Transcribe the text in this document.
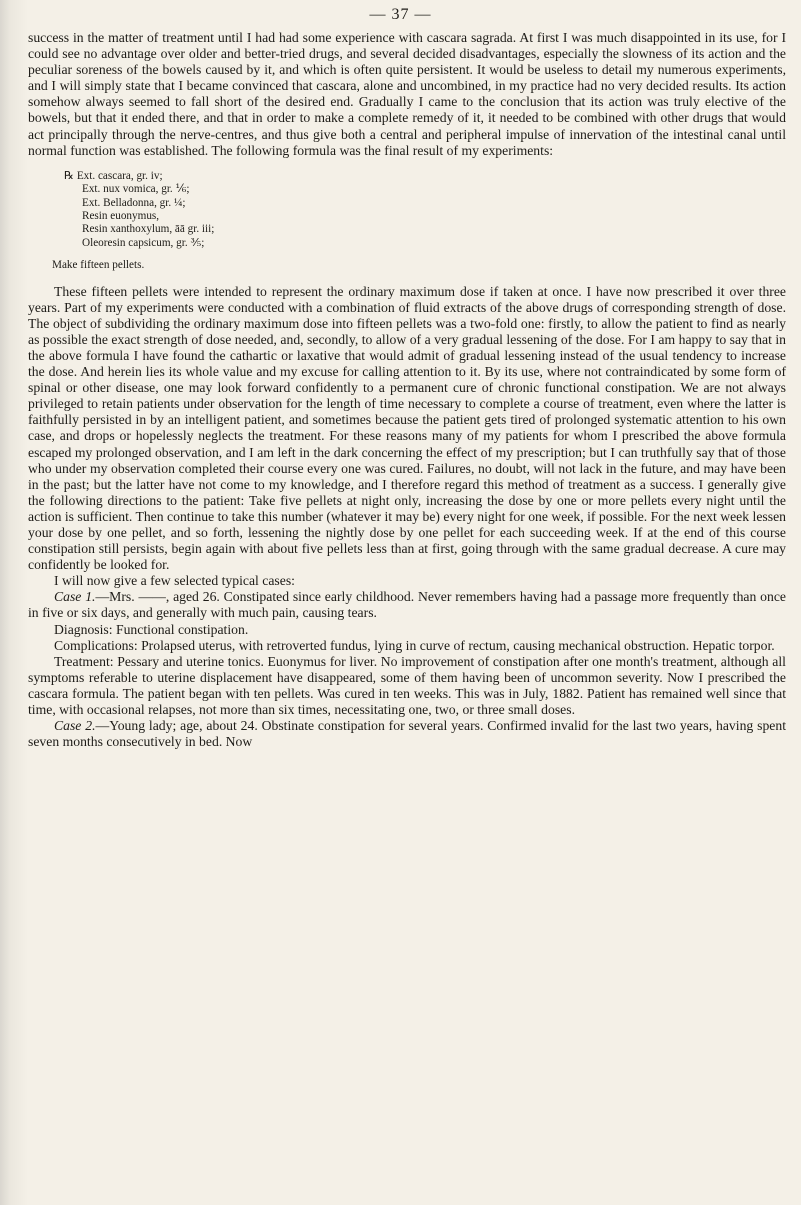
— 37 —

success in the matter of treatment until I had had some experience with cascara sagrada. At first I was much disappointed in its use, for I could see no advantage over older and better-tried drugs, and several decided disadvantages, especially the slowness of its action and the peculiar soreness of the bowels caused by it, and which is often quite persistent. It would be useless to detail my numerous experiments, and I will simply state that I became convinced that cascara, alone and uncombined, in my practice had no very decided results. Its action somehow always seemed to fall short of the desired end. Gradually I came to the conclusion that its action was truly elective of the bowels, but that it ended there, and that in order to make a complete remedy of it, it needed to be combined with other drugs that would act principally through the nerve-centres, and thus give both a central and peripheral impulse of innervation of the intestinal canal until normal function was established. The following formula was the final result of my experiments:

℞ Ext. cascara, gr. iv;
Ext. nux vomica, gr. ⅙;
Ext. Belladonna, gr. ¼;
Resin euonymus,
Resin xanthoxylum, āā gr. iii;
Oleoresin capsicum, gr. ⅗;
Make fifteen pellets.

These fifteen pellets were intended to represent the ordinary maximum dose if taken at once. I have now prescribed it over three years. Part of my experiments were conducted with a combination of fluid extracts of the above drugs of corresponding strength of dose. The object of subdividing the ordinary maximum dose into fifteen pellets was a two-fold one: firstly, to allow the patient to find as nearly as possible the exact strength of dose needed, and, secondly, to allow of a very gradual lessening of the dose. For I am happy to say that in the above formula I have found the cathartic or laxative that would admit of gradual lessening instead of the usual tendency to increase the dose. And herein lies its whole value and my excuse for calling attention to it. By its use, where not contraindicated by some form of spinal or other disease, one may look forward confidently to a permanent cure of chronic functional constipation. We are not always privileged to retain patients under observation for the length of time necessary to complete a course of treatment, even where the latter is faithfully persisted in by an intelligent patient, and sometimes because the patient gets tired of prolonged systematic attention to his own case, and drops or hopelessly neglects the treatment. For these reasons many of my patients for whom I prescribed the above formula escaped my prolonged observation, and I am left in the dark concerning the effect of my prescription; but I can truthfully say that of those who under my observation completed their course every one was cured. Failures, no doubt, will not lack in the future, and may have been in the past; but the latter have not come to my knowledge, and I therefore regard this method of treatment as a success. I generally give the following directions to the patient: Take five pellets at night only, increasing the dose by one or more pellets every night until the action is sufficient. Then continue to take this number (whatever it may be) every night for one week, if possible. For the next week lessen your dose by one pellet, and so forth, lessening the nightly dose by one pellet for each succeeding week. If at the end of this course constipation still persists, begin again with about five pellets less than at first, going through with the same gradual decrease. A cure may confidently be looked for.

I will now give a few selected typical cases:

Case 1.—Mrs. ——, aged 26. Constipated since early childhood. Never remembers having had a passage more frequently than once in five or six days, and generally with much pain, causing tears.

Diagnosis: Functional constipation.

Complications: Prolapsed uterus, with retroverted fundus, lying in curve of rectum, causing mechanical obstruction. Hepatic torpor.

Treatment: Pessary and uterine tonics. Euonymus for liver. No improvement of constipation after one month's treatment, although all symptoms referable to uterine displacement have disappeared, some of them having been of uncommon severity. Now I prescribed the cascara formula. The patient began with ten pellets. Was cured in ten weeks. This was in July, 1882. Patient has remained well since that time, with occasional relapses, not more than six times, necessitating one, two, or three small doses.

Case 2.—Young lady; age, about 24. Obstinate constipation for several years. Confirmed invalid for the last two years, having spent seven months consecutively in bed. Now
